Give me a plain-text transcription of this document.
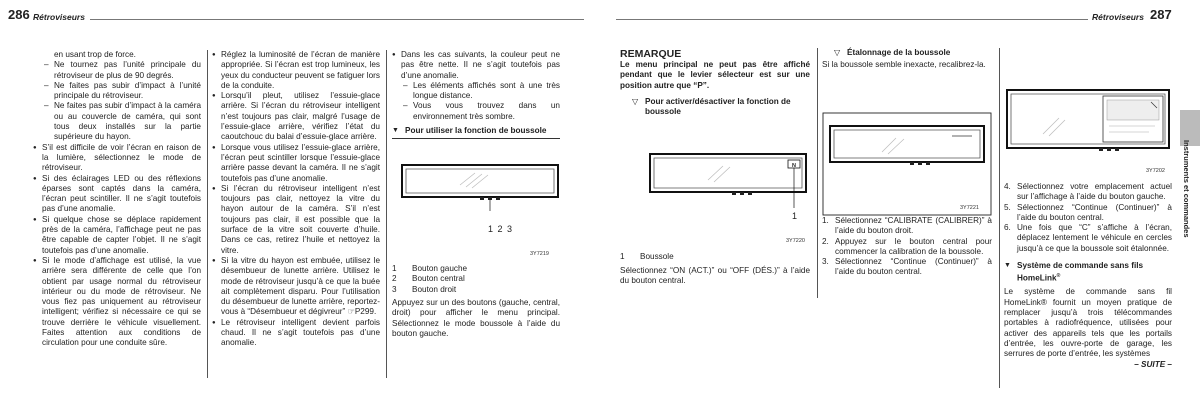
286 Rétroviseurs	Rétroviseurs 287

en usant trop de force.

– Ne tournez pas l’unité principale du rétroviseur de plus de 90 degrés.
– Ne faites pas subir d’impact à l’unité principale du rétroviseur.
– Ne faites pas subir d’impact à la caméra ou au couvercle de caméra, qui sont tous deux installés sur la partie supérieure du hayon.
● S’il est difficile de voir l’écran en raison de la lumière, sélectionnez le mode de rétroviseur.
● Si des éclairages LED ou des réflexions éparses sont captés dans la caméra, l’écran peut scintiller. Il ne s’agit toutefois pas d’une anomalie.
● Si quelque chose se déplace rapidement près de la caméra, l’affichage peut ne pas être capable de capter l’objet. Il ne s’agit toutefois pas d’une anomalie.
● Si le mode d’affichage est utilisé, la vue arrière sera différente de celle que l’on obtient par usage normal du rétroviseur intérieur ou du mode de rétroviseur. Ne vous fiez pas uniquement au rétroviseur intelligent; vérifiez si nécessaire ce qui se trouve derrière le véhicule visuellement. Faites attention aux conditions de circulation pour une conduite sûre.
● Réglez la luminosité de l’écran de manière appropriée. Si l’écran est trop lumineux, les yeux du conducteur peuvent se fatiguer lors de la conduite.
● Lorsqu’il pleut, utilisez l’essuie-glace arrière. Si l’écran du rétroviseur intelligent n’est toujours pas clair, malgré l’usage de l’essuie-glace arrière, vérifiez l’état du caoutchouc du balai d’essuie-glace arrière.
● Lorsque vous utilisez l’essuie-glace arrière, l’écran peut scintiller lorsque l’essuie-glace arrière passe devant la caméra. Il ne s’agit toutefois pas d’une anomalie.
● Si l’écran du rétroviseur intelligent n’est toujours pas clair, nettoyez la vitre du hayon autour de la caméra. S’il n’est toujours pas clair, il est possible que la surface de la vitre soit couverte d’huile. Dans ce cas, retirez l’huile et nettoyez la vitre.
● Si la vitre du hayon est embuée, utilisez le désembueur de lunette arrière. Utilisez le mode de rétroviseur jusqu’à ce que la buée ait complètement disparu. Pour l’utilisation du désembueur de lunette arrière, reportez-vous à “Désembueur et dégivreur” ☞P299.
● Le rétroviseur intelligent devient parfois chaud. Il ne s’agit toutefois pas d’une anomalie.
● Dans les cas suivants, la couleur peut ne pas être nette. Il ne s’agit toutefois pas d’une anomalie.
– Les éléments affichés sont à une très longue distance.
– Vous vous trouvez dans un environnement très sombre.
▼ Pour utiliser la fonction de boussole
1 2 3
3Y7219
1 Bouton gauche
2 Bouton central
3 Bouton droit

Appuyez sur un des boutons (gauche, central, droit) pour afficher le menu principal. Sélectionnez le mode boussole à l’aide du bouton gauche.

REMARQUE

Le menu principal ne peut pas être affiché pendant que le levier sélecteur est sur une position autre que “P”.

▽ Pour activer/désactiver la fonction de boussole
N
1
3Y7220
1 Boussole

Sélectionnez “ON (ACT.)” ou “OFF (DÉS.)” à l’aide du bouton central.

▽ Étalonnage de la boussole

Si la boussole semble inexacte, recalibrez-la.

3Y7221
1. Sélectionnez “CALIBRATE (CALIBRER)” à l’aide du bouton droit.
2. Appuyez sur le bouton central pour commencer la calibration de la boussole.
3. Sélectionnez “Continue (Continuer)” à l’aide du bouton central.
3Y7202
4. Sélectionnez votre emplacement actuel sur l’affichage à l’aide du bouton gauche.
5. Sélectionnez “Continue (Continuer)” à l’aide du bouton central.
6. Une fois que “C” s’affiche à l’écran, déplacez lentement le véhicule en cercles jusqu’à ce que la boussole soit étalonnée.
▼ Système de commande sans fils HomeLink®

Le système de commande sans fil HomeLink® fournit un moyen pratique de remplacer jusqu’à trois télécommandes portables à radiofréquence, utilisées pour activer des appareils tels que les portails d’entrée, les ouvre-porte de garage, les serrures de porte d’entrée, les systèmes

– SUITE –
Instruments et commandes
